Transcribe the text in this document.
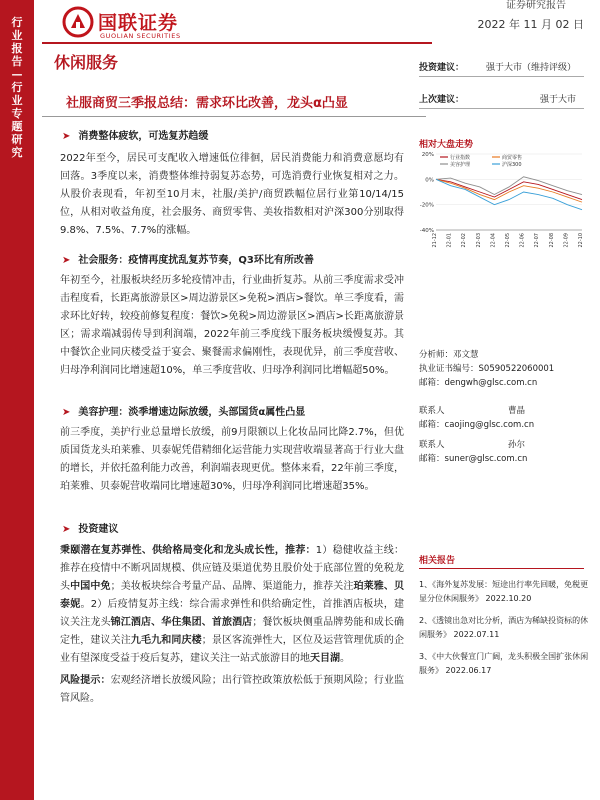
行业报告—行业专题研究
国联证券
GUOLIAN SECURITIES
证券研究报告
2022 年 11 月 02 日
休闲服务
社服商贸三季报总结：需求环比改善，龙头α凸显
投资建议： 强于大市（维持评级）
上次建议：	强于大市
➤ 消费整体疲软，可选复苏趋缓
2022年至今，居民可支配收入增速低位徘徊，居民消费能力和消费意愿均有回落。3季度以来，消费整体维持弱复苏态势，可选消费行业恢复相对之力。从股价表现看，年初至10月末，社服/美护/商贸跌幅位居行业第10/14/15位，从相对收益角度，社会服务、商贸零售、美妆指数相对沪深300分别取得9.8%、7.5%、7.7%的涨幅。
➤ 社会服务：疫情再度扰乱复苏节奏，Q3环比有所改善
年初至今，社服板块经历多轮疫情冲击，行业曲折复苏。从前三季度需求受冲击程度看，长距离旅游景区>周边游景区>免税>酒店>餐饮。单三季度看，需求环比好转，较疫前修复程度：餐饮>免税>周边游景区>酒店>长距离旅游景区；需求端减弱传导到利润端，2022年前三季度线下服务板块缓慢复苏。其中餐饮企业同庆楼受益于宴会、聚餐需求偏刚性，表现优异，前三季度营收、归母净利润同比增速超10%，单三季度营收、归母净利润同比增幅超50%。
➤ 美容护理：淡季增速边际放缓，头部国货α属性凸显
前三季度，美护行业总量增长放缓，前9月限额以上化妆品同比降2.7%，但优质国货龙头珀莱雅、贝泰妮凭借精细化运营能力实现营收端显著高于行业大盘的增长，并依托盈利能力改善，利润端表现更优。整体来看，22年前三季度，珀莱雅、贝泰妮营收端同比增速超30%，归母净利润同比增速超35%。
➤ 投资建议
秉颐潜在复苏弹性、供给格局变化和龙头成长性，推荐：1）稳健收益主线：推荐在疫情中不断巩固规模、供应链及渠道优势且股价处于底部位置的免税龙头中国中免；美妆板块综合考量产品、品牌、渠道能力，推荐关注珀莱雅、贝泰妮。2）后疫情复苏主线：综合需求弹性和供给确定性，首推酒店板块，建议关注龙头锦江酒店、华住集团、首旅酒店；餐饮板块侧重品牌势能和成长确定性，建议关注九毛九和同庆楼；景区客流弹性大，区位及运营管理优质的企业有望深度受益于疫后复苏，建议关注一站式旅游目的地天目湖。
风险提示：宏观经济增长放缓风险；出行管控政策放松低于预期风险；行业监管风险。
相对大盘走势
20%
0%
-20%
-40%
21-12 22-01 22-02 22-03 22-04 22-05 22-06 22-07 22-08 22-09 22-10
行业指数	商贸零售
美容护理	沪深300
分析师：邓文慧
执业证书编号：S0590522060001
邮箱：dengwh@glsc.com.cn
联系人	曹晶
邮箱：caojing@glsc.com.cn
联系人	孙尔
邮箱：suner@glsc.com.cn
相关报告
1、《海外复苏发展：短途出行率先回暖，免税更显分位休闲服务》 2022.10.20
2、《透镜出急对比分析，酒店为稀缺投资标的休闲服务》 2022.07.11
3、《中大伙餐宣门广阔，龙头积极全国扩张休闲服务》 2022.06.17
